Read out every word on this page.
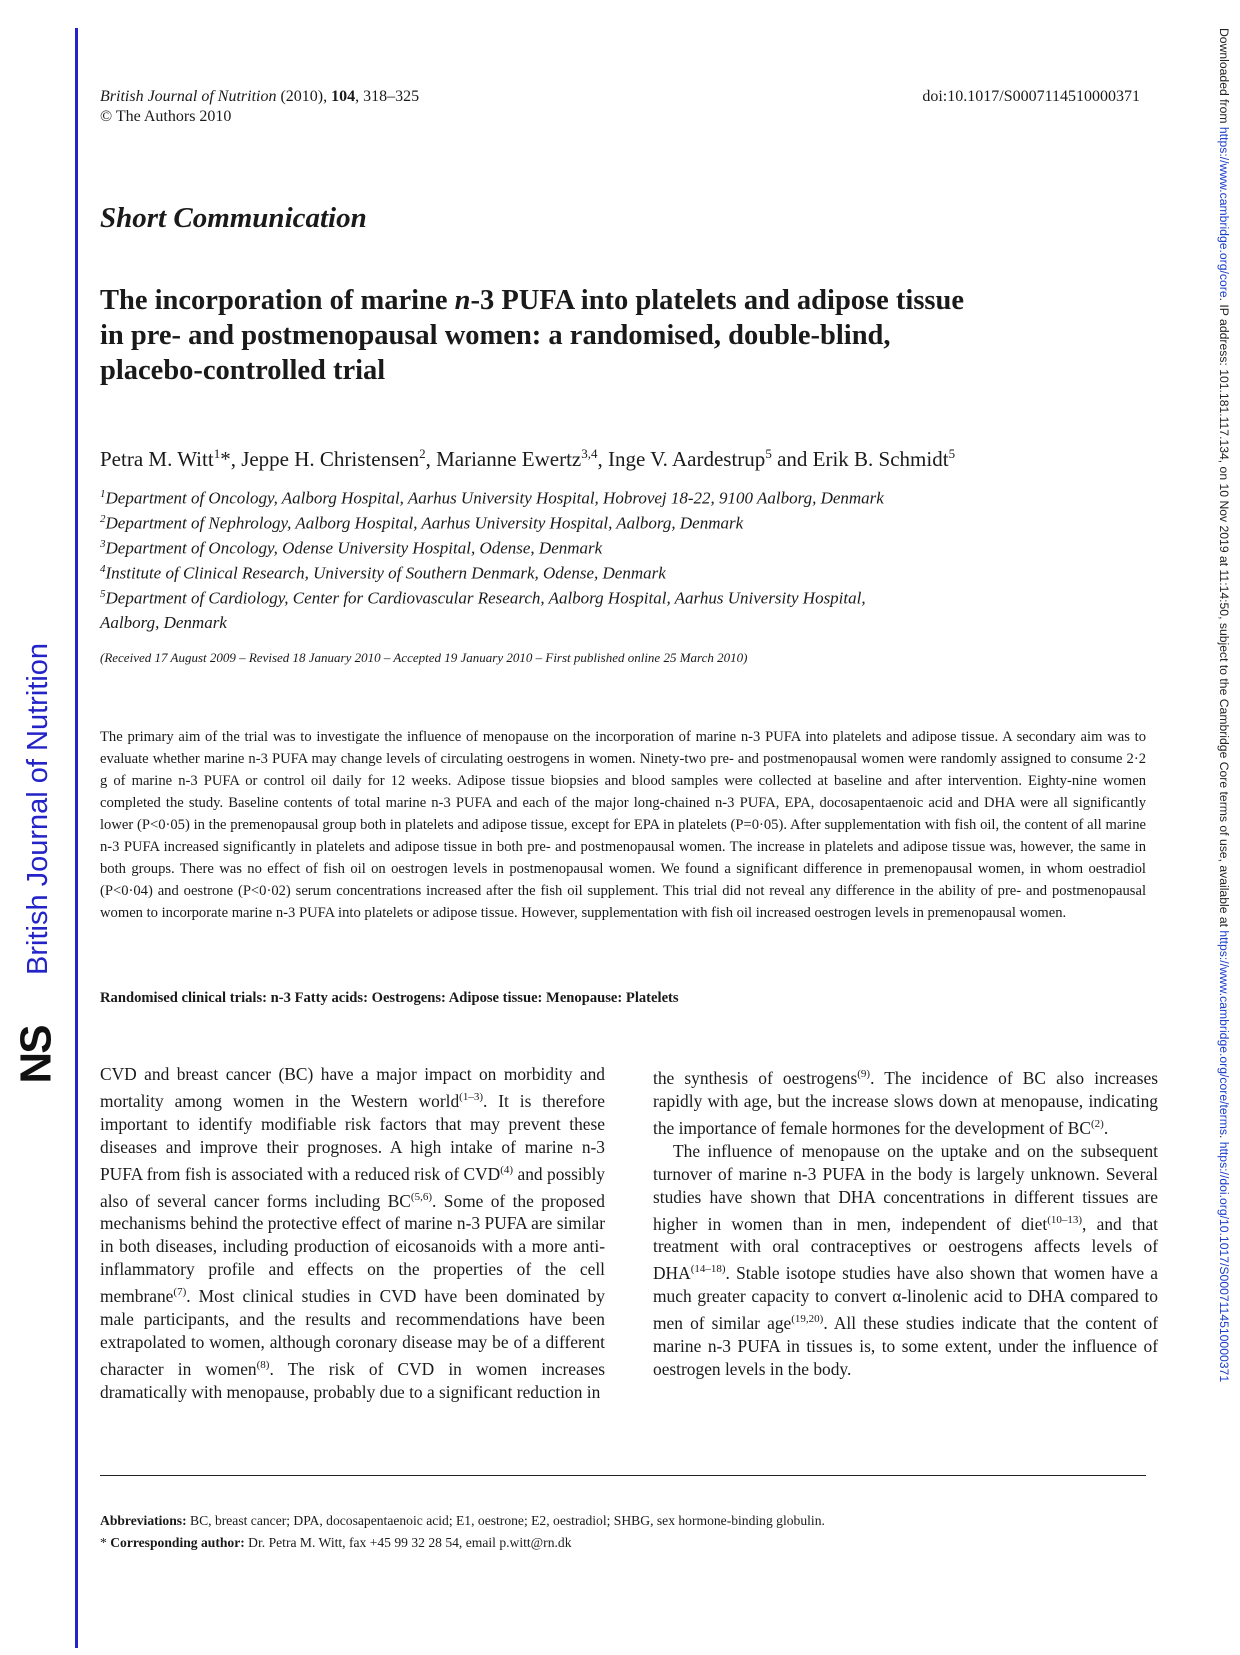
British Journal of Nutrition
NS
Downloaded from https://www.cambridge.org/core. IP address: 101.181.117.134, on 10 Nov 2019 at 11:14:50, subject to the Cambridge Core terms of use, available at https://www.cambridge.org/core/terms. https://doi.org/10.1017/S0007114510000371
British Journal of Nutrition (2010), 104, 318–325	doi:10.1017/S0007114510000371
© The Authors 2010
Short Communication
The incorporation of marine n-3 PUFA into platelets and adipose tissue
in pre- and postmenopausal women: a randomised, double-blind,
placebo-controlled trial
Petra M. Witt$^1$*, Jeppe H. Christensen$^2$, Marianne Ewertz$^{3,4}$, Inge V. Aardestrup$^5$ and Erik B. Schmidt$^5$
$^1$Department of Oncology, Aalborg Hospital, Aarhus University Hospital, Hobrovej 18-22, 9100 Aalborg, Denmark
$^2$Department of Nephrology, Aalborg Hospital, Aarhus University Hospital, Aalborg, Denmark
$^3$Department of Oncology, Odense University Hospital, Odense, Denmark
$^4$Institute of Clinical Research, University of Southern Denmark, Odense, Denmark
$^5$Department of Cardiology, Center for Cardiovascular Research, Aalborg Hospital, Aarhus University Hospital,
Aalborg, Denmark
(Received 17 August 2009 – Revised 18 January 2010 – Accepted 19 January 2010 – First published online 25 March 2010)
The primary aim of the trial was to investigate the influence of menopause on the incorporation of marine n-3 PUFA into platelets and adipose tissue. A secondary aim was to evaluate whether marine n-3 PUFA may change levels of circulating oestrogens in women. Ninety-two pre- and postmenopausal women were randomly assigned to consume 2·2 g of marine n-3 PUFA or control oil daily for 12 weeks. Adipose tissue biopsies and blood samples were collected at baseline and after intervention. Eighty-nine women completed the study. Baseline contents of total marine n-3 PUFA and each of the major long-chained n-3 PUFA, EPA, docosapentaenoic acid and DHA were all significantly lower (P<0·05) in the premenopausal group both in platelets and adipose tissue, except for EPA in platelets (P=0·05). After supplementation with fish oil, the content of all marine n-3 PUFA increased significantly in platelets and adipose tissue in both pre- and postmenopausal women. The increase in platelets and adipose tissue was, however, the same in both groups. There was no effect of fish oil on oestrogen levels in postmenopausal women. We found a significant difference in premenopausal women, in whom oestradiol (P<0·04) and oestrone (P<0·02) serum concentrations increased after the fish oil supplement. This trial did not reveal any difference in the ability of pre- and postmenopausal women to incorporate marine n-3 PUFA into platelets or adipose tissue. However, supplementation with fish oil increased oestrogen levels in premenopausal women.
Randomised clinical trials: n-3 Fatty acids: Oestrogens: Adipose tissue: Menopause: Platelets

CVD and breast cancer (BC) have a major impact on morbidity and mortality among women in the Western world$^{(1-3)}$. It is therefore important to identify modifiable risk factors that may prevent these diseases and improve their prognoses. A high intake of marine n-3 PUFA from fish is associated with a reduced risk of CVD$^{(4)}$ and possibly also of several cancer forms including BC$^{(5,6)}$. Some of the proposed mechanisms behind the protective effect of marine n-3 PUFA are similar in both diseases, including production of eicosanoids with a more anti-inflammatory profile and effects on the properties of the cell membrane$^{(7)}$. Most clinical studies in CVD have been dominated by male participants, and the results and recommendations have been extrapolated to women, although coronary disease may be of a different character in women$^{(8)}$. The risk of CVD in women increases dramatically with menopause, probably due to a significant reduction in

the synthesis of oestrogens$^{(9)}$. The incidence of BC also increases rapidly with age, but the increase slows down at menopause, indicating the importance of female hormones for the development of BC$^{(2)}$.

The influence of menopause on the uptake and on the subsequent turnover of marine n-3 PUFA in the body is largely unknown. Several studies have shown that DHA concentrations in different tissues are higher in women than in men, independent of diet$^{(10-13)}$, and that treatment with oral contraceptives or oestrogens affects levels of DHA$^{(14-18)}$. Stable isotope studies have also shown that women have a much greater capacity to convert α-linolenic acid to DHA compared to men of similar age$^{(19,20)}$. All these studies indicate that the content of marine n-3 PUFA in tissues is, to some extent, under the influence of oestrogen levels in the body.

Abbreviations: BC, breast cancer; DPA, docosapentaenoic acid; E1, oestrone; E2, oestradiol; SHBG, sex hormone-binding globulin.
* Corresponding author: Dr. Petra M. Witt, fax +45 99 32 28 54, email p.witt@rn.dk
